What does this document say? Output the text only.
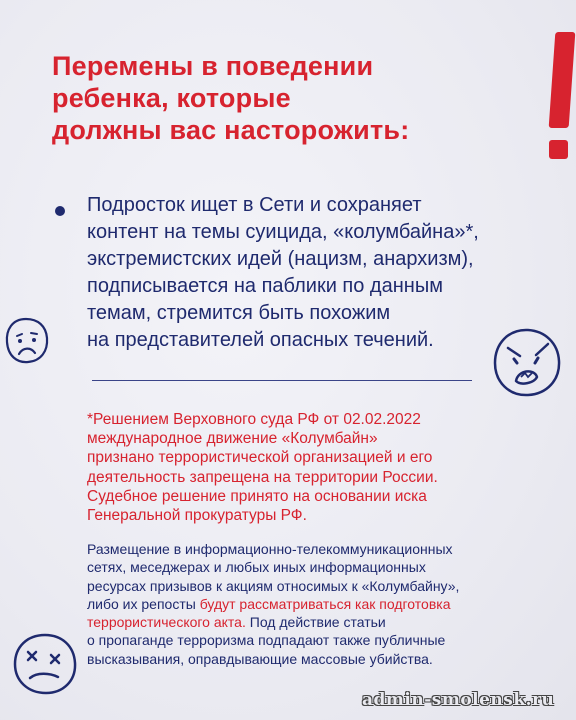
Перемены в поведении
ребенка, которые
должны вас насторожить:
Подросток ищет в Сети и сохраняет
контент на темы суицида, «колумбайна»*,
экстремистских идей (нацизм, анархизм),
подписывается на паблики по данным
темам, стремится быть похожим
на представителей опасных течений.
*Решением Верховного суда РФ от 02.02.2022
международное движение «Колумбайн»
признано террористической организацией и его
деятельность запрещена на территории России.
Судебное решение принято на основании иска
Генеральной прокуратуры РФ.
Размещение в информационно-телекоммуникационных
сетях, меседжерах и любых иных информационных
ресурсах призывов к акциям относимых к «Колумбайну»,
либо их репосты будут рассматриваться как подготовка
террористического акта. Под действие статьи
о пропаганде терроризма подпадают также публичные
высказывания, оправдывающие массовые убийства.
admin-smolensk.ru
